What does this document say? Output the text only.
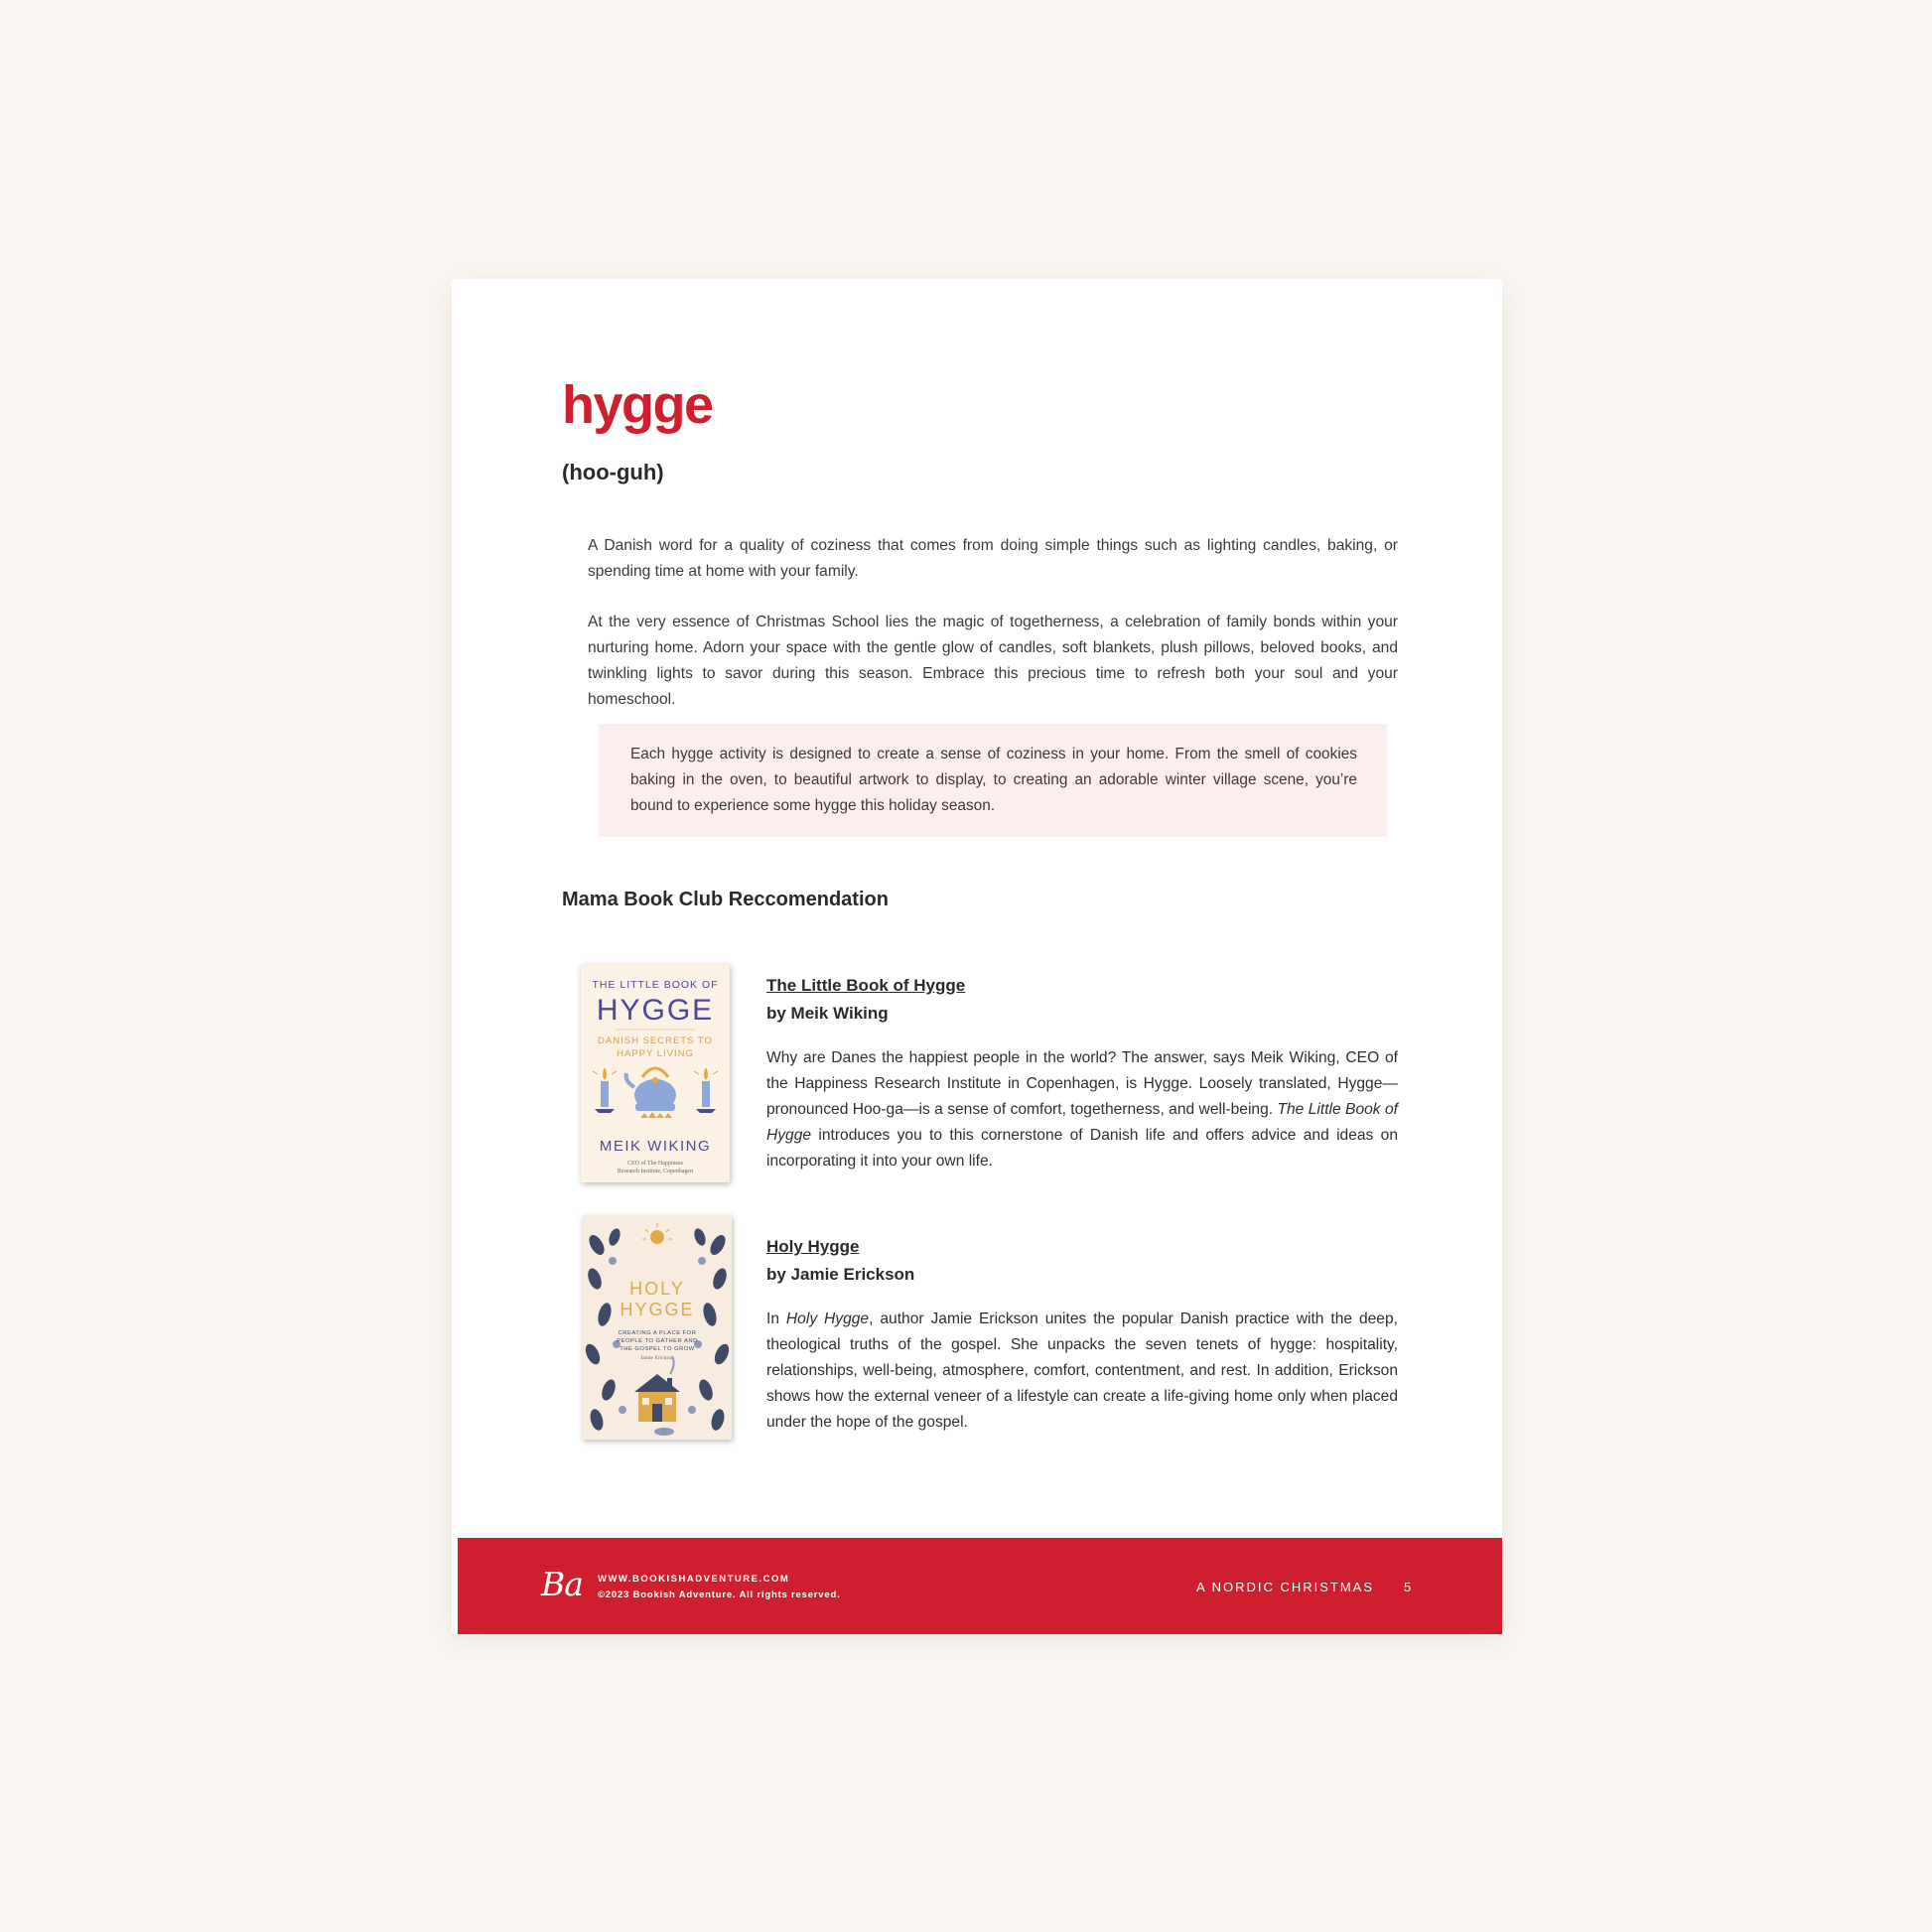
hygge
(hoo-guh)

A Danish word for a quality of coziness that comes from doing simple things such as lighting candles, baking, or spending time at home with your family.

At the very essence of Christmas School lies the magic of togetherness, a celebration of family bonds within your nurturing home. Adorn your space with the gentle glow of candles, soft blankets, plush pillows, beloved books, and twinkling lights to savor during this season. Embrace this precious time to refresh both your soul and your homeschool.

Each hygge activity is designed to create a sense of coziness in your home. From the smell of cookies baking in the oven, to beautiful artwork to display, to creating an adorable winter village scene, you’re bound to experience some hygge this holiday season.

Mama Book Club Reccomendation
THE LITTLE BOOK OF
HYGGE
DANISH SECRETS TO
HAPPY LIVING
MEIK WIKING
CEO of The Happiness
Research Institute, Copenhagen
The Little Book of Hygge
by Meik Wiking

Why are Danes the happiest people in the world? The answer, says Meik Wiking, CEO of the Happiness Research Institute in Copenhagen, is Hygge. Loosely translated, Hygge—pronounced Hoo-ga—is a sense of comfort, togetherness, and well-being. The Little Book of Hygge introduces you to this cornerstone of Danish life and offers advice and ideas on incorporating it into your own life.

HOLY
HYGGE
CREATING A PLACE FOR
PEOPLE TO GATHER AND
THE GOSPEL TO GROW
Jamie Erickson
Holy Hygge
by Jamie Erickson

In Holy Hygge, author Jamie Erickson unites the popular Danish practice with the deep, theological truths of the gospel. She unpacks the seven tenets of hygge: hospitality, relationships, well-being, atmosphere, comfort, contentment, and rest. In addition, Erickson shows how the external veneer of a lifestyle can create a life-giving home only when placed under the hope of the gospel.

Ba WWW.BOOKISHADVENTURE.COM
©2023 Bookish Adventure. All rights reserved.
A NORDIC CHRISTMAS 5
